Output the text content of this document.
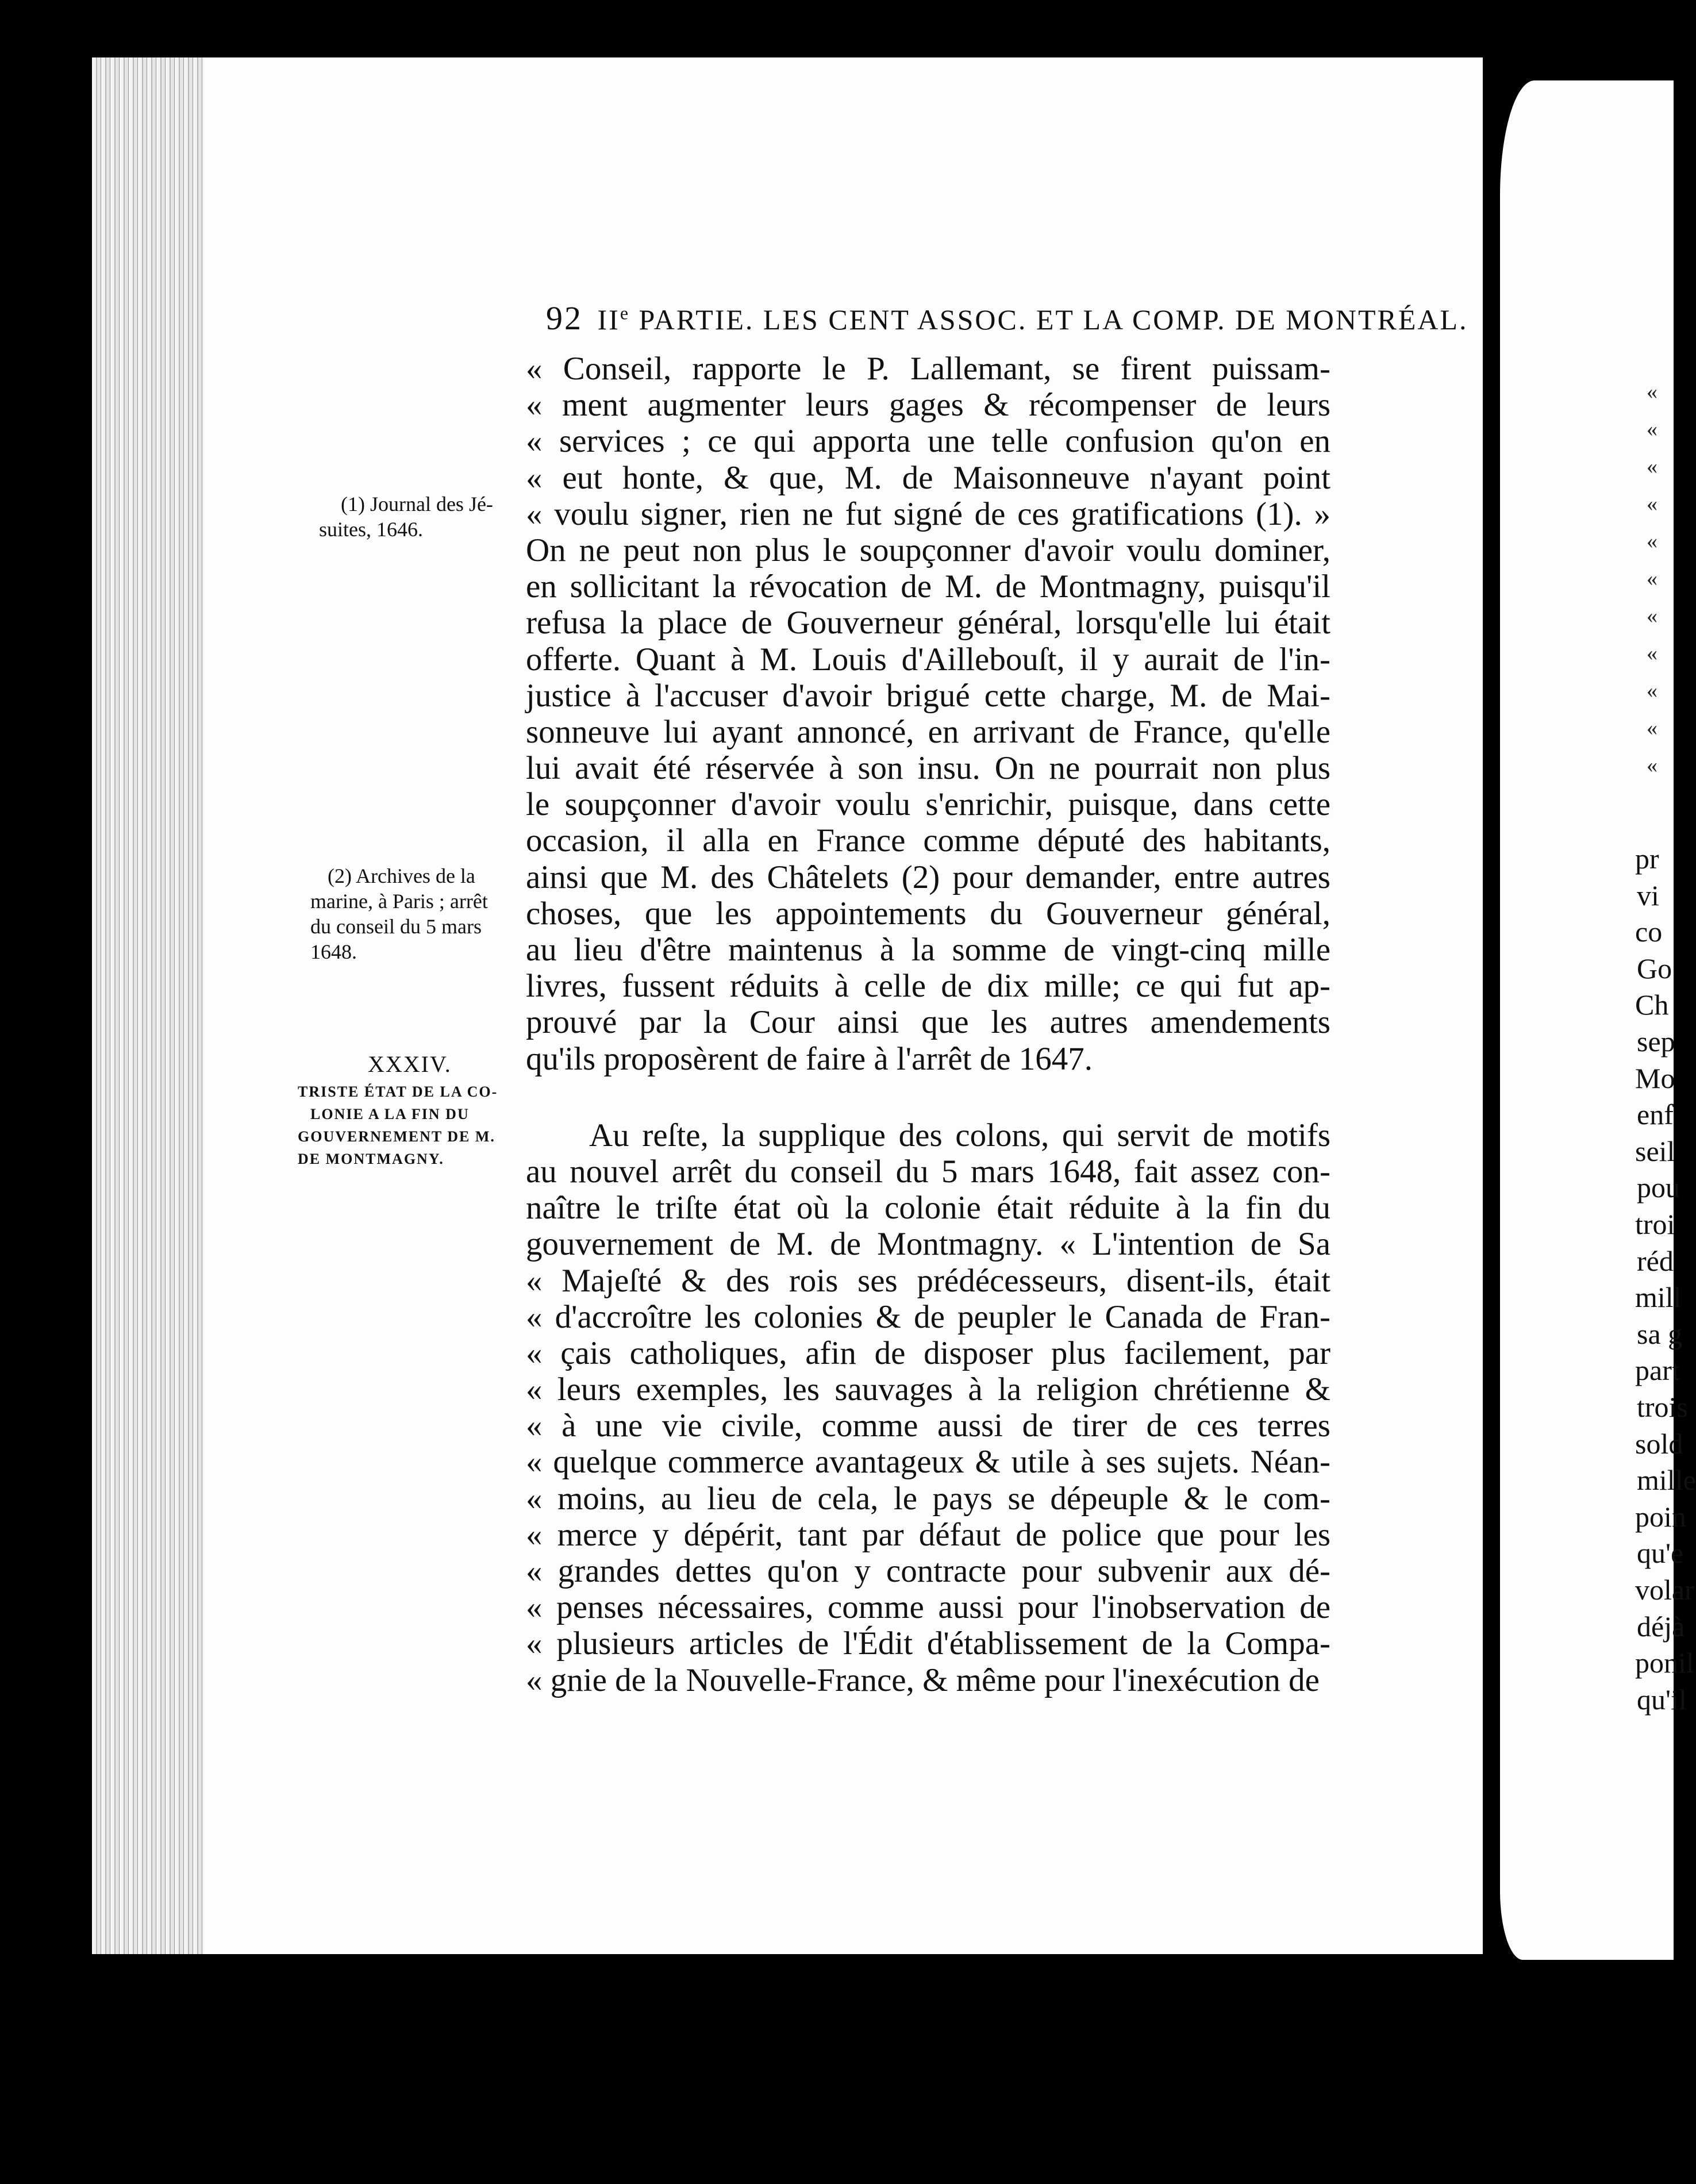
92 IIe PARTIE. LES CENT ASSOC. ET LA COMP. DE MONTRÉAL.
« Conseil, rapporte le P. Lallemant, se firent puissam-
« ment augmenter leurs gages & récompenser de leurs
« services ; ce qui apporta une telle confusion qu'on en
« eut honte, & que, M. de Maisonneuve n'ayant point
« voulu signer, rien ne fut signé de ces gratifications (1). »
On ne peut non plus le soupçonner d'avoir voulu dominer,
en sollicitant la révocation de M. de Montmagny, puisqu'il
refusa la place de Gouverneur général, lorsqu'elle lui était
offerte. Quant à M. Louis d'Aillebouſt, il y aurait de l'in-
justice à l'accuser d'avoir brigué cette charge, M. de Mai-
sonneuve lui ayant annoncé, en arrivant de France, qu'elle
lui avait été réservée à son insu. On ne pourrait non plus
le soupçonner d'avoir voulu s'enrichir, puisque, dans cette
occasion, il alla en France comme député des habitants,
ainsi que M. des Châtelets (2) pour demander, entre autres
choses, que les appointements du Gouverneur général,
au lieu d'être maintenus à la somme de vingt-cinq mille
livres, fussent réduits à celle de dix mille; ce qui fut ap-
prouvé par la Cour ainsi que les autres amendements
qu'ils proposèrent de faire à l'arrêt de 1647.
Au reſte, la supplique des colons, qui servit de motifs
au nouvel arrêt du conseil du 5 mars 1648, fait assez con-
naître le triſte état où la colonie était réduite à la fin du
gouvernement de M. de Montmagny. « L'intention de Sa
« Majeſté & des rois ses prédécesseurs, disent-ils, était
« d'accroître les colonies & de peupler le Canada de Fran-
« çais catholiques, afin de disposer plus facilement, par
« leurs exemples, les sauvages à la religion chrétienne &
« à une vie civile, comme aussi de tirer de ces terres
« quelque commerce avantageux & utile à ses sujets. Néan-
« moins, au lieu de cela, le pays se dépeuple & le com-
« merce y dépérit, tant par défaut de police que pour les
« grandes dettes qu'on y contracte pour subvenir aux dé-
« penses nécessaires, comme aussi pour l'inobservation de
« plusieurs articles de l'Édit d'établissement de la Compa-
« gnie de la Nouvelle-France, & même pour l'inexécution de
(1) Journal des Jé-
suites, 1646.
(2) Archives de la
marine, à Paris ; arrêt
du conseil du 5 mars
1648.
XXXIV.
TRISTE ÉTAT DE LA CO-
LONIE A LA FIN DU
GOUVERNEMENT DE M.
DE MONTMAGNY.
«
«
«
«
«
«
«
«
«
«
«
pr
vi
co
Go
Ch
sep
Mo
enf
seil
pou
troi
réd
mill
sa g
part
trois
sold
mille
poin
qu'e
volar
déjà
ponil
qu'il
